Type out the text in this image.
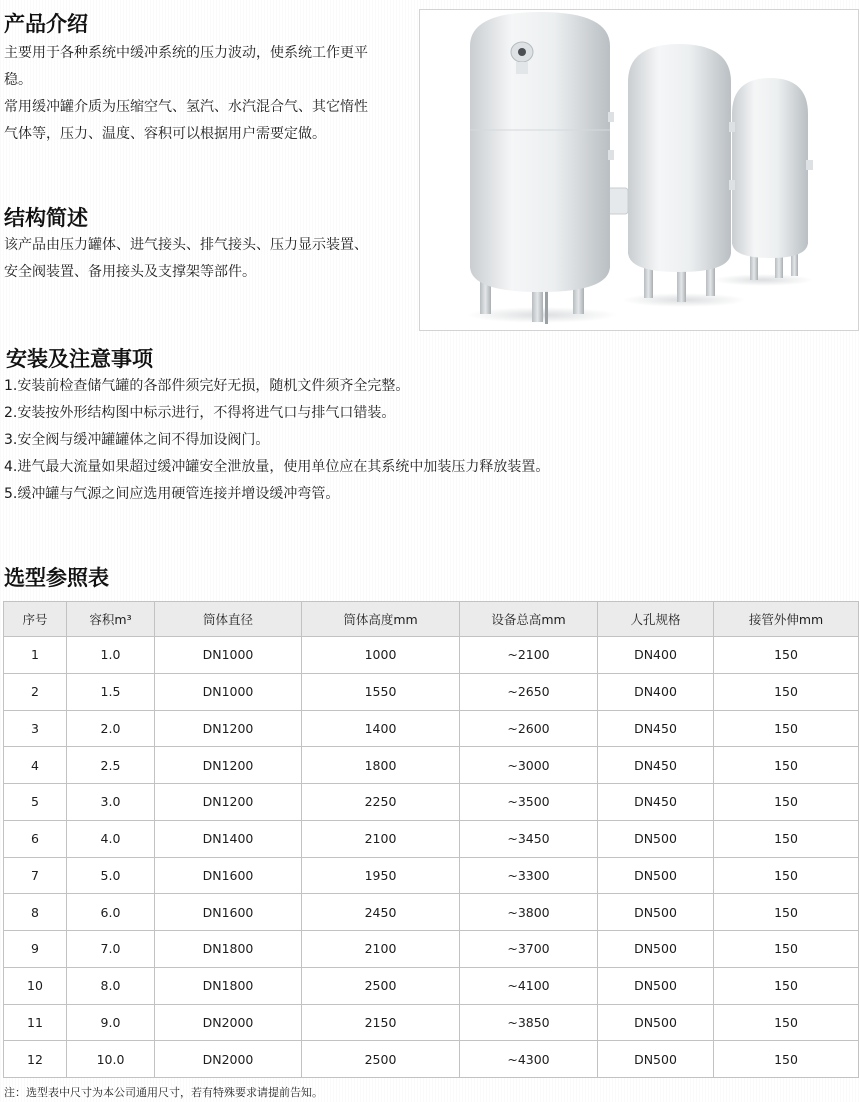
产品介绍
主要用于各种系统中缓冲系统的压力波动，使系统工作更平
稳。
常用缓冲罐介质为压缩空气、氢汽、水汽混合气、其它惰性
气体等，压力、温度、容积可以根据用户需要定做。
结构简述
该产品由压力罐体、进气接头、排气接头、压力显示装置、
安全阀装置、备用接头及支撑架等部件。
安装及注意事项
1.安装前检查储气罐的各部件须完好无损，随机文件须齐全完整。
2.安装按外形结构图中标示进行，不得将进气口与排气口错装。
3.安全阀与缓冲罐罐体之间不得加设阀门。
4.进气最大流量如果超过缓冲罐安全泄放量，使用单位应在其系统中加装压力释放装置。
5.缓冲罐与气源之间应选用硬管连接并增设缓冲弯管。
选型参照表
序号	容积m³	筒体直径	筒体高度mm	设备总高mm	人孔规格	接管外伸mm
1	1.0	DN1000	1000	~2100	DN400	150
2	1.5	DN1000	1550	~2650	DN400	150
3	2.0	DN1200	1400	~2600	DN450	150
4	2.5	DN1200	1800	~3000	DN450	150
5	3.0	DN1200	2250	~3500	DN450	150
6	4.0	DN1400	2100	~3450	DN500	150
7	5.0	DN1600	1950	~3300	DN500	150
8	6.0	DN1600	2450	~3800	DN500	150
9	7.0	DN1800	2100	~3700	DN500	150
10	8.0	DN1800	2500	~4100	DN500	150
11	9.0	DN2000	2150	~3850	DN500	150
12	10.0	DN2000	2500	~4300	DN500	150
注：选型表中尺寸为本公司通用尺寸，若有特殊要求请提前告知。
